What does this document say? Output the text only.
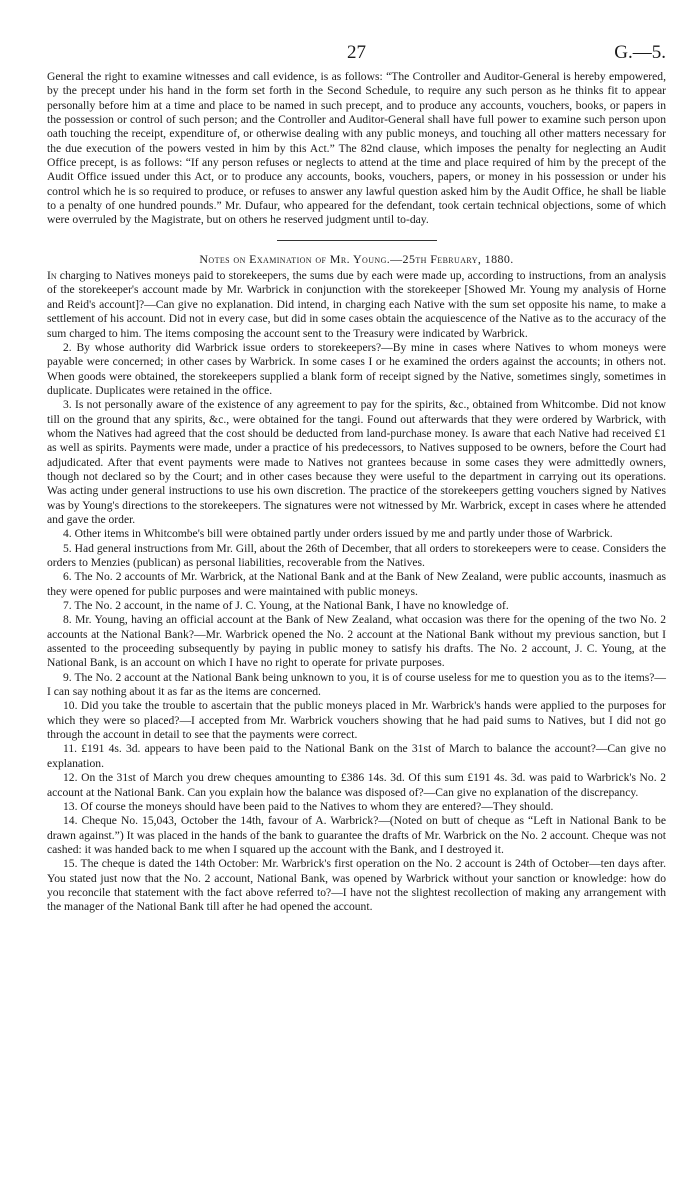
27	G.—5.

General the right to examine witnesses and call evidence, is as follows: “The Controller and Auditor-General is hereby empowered, by the precept under his hand in the form set forth in the Second Schedule, to require any such person as he thinks fit to appear personally before him at a time and place to be named in such precept, and to produce any accounts, vouchers, books, or papers in the possession or control of such person; and the Controller and Auditor-General shall have full power to examine such person upon oath touching the receipt, expenditure of, or otherwise dealing with any public moneys, and touching all other matters necessary for the due execution of the powers vested in him by this Act.” The 82nd clause, which imposes the penalty for neglecting an Audit Office precept, is as follows: “If any person refuses or neglects to attend at the time and place required of him by the precept of the Audit Office issued under this Act, or to produce any accounts, books, vouchers, papers, or money in his possession or under his control which he is so required to produce, or refuses to answer any lawful question asked him by the Audit Office, he shall be liable to a penalty of one hundred pounds.” Mr. Dufaur, who appeared for the defendant, took certain technical objections, some of which were overruled by the Magistrate, but on others he reserved judgment until to-day.

Notes on Examination of Mr. Young.—25th February, 1880.

In charging to Natives moneys paid to storekeepers, the sums due by each were made up, according to instructions, from an analysis of the storekeeper's account made by Mr. Warbrick in conjunction with the storekeeper [Showed Mr. Young my analysis of Horne and Reid's account]?—Can give no explanation. Did intend, in charging each Native with the sum set opposite his name, to make a settlement of his account. Did not in every case, but did in some cases obtain the acquiescence of the Native as to the accuracy of the sum charged to him. The items composing the account sent to the Treasury were indicated by Warbrick.

2. By whose authority did Warbrick issue orders to storekeepers?—By mine in cases where Natives to whom moneys were payable were concerned; in other cases by Warbrick. In some cases I or he examined the orders against the accounts; in others not. When goods were obtained, the storekeepers supplied a blank form of receipt signed by the Native, sometimes singly, sometimes in duplicate. Duplicates were retained in the office.

3. Is not personally aware of the existence of any agreement to pay for the spirits, &c., obtained from Whitcombe. Did not know till on the ground that any spirits, &c., were obtained for the tangi. Found out afterwards that they were ordered by Warbrick, with whom the Natives had agreed that the cost should be deducted from land-purchase money. Is aware that each Native had received £1 as well as spirits. Payments were made, under a practice of his predecessors, to Natives supposed to be owners, before the Court had adjudicated. After that event payments were made to Natives not grantees because in some cases they were admittedly owners, though not declared so by the Court; and in other cases because they were useful to the department in carrying out its operations. Was acting under general instructions to use his own discretion. The practice of the storekeepers getting vouchers signed by Natives was by Young's directions to the storekeepers. The signatures were not witnessed by Mr. Warbrick, except in cases where he attended and gave the order.

4. Other items in Whitcombe's bill were obtained partly under orders issued by me and partly under those of Warbrick.

5. Had general instructions from Mr. Gill, about the 26th of December, that all orders to storekeepers were to cease. Considers the orders to Menzies (publican) as personal liabilities, recoverable from the Natives.

6. The No. 2 accounts of Mr. Warbrick, at the National Bank and at the Bank of New Zealand, were public accounts, inasmuch as they were opened for public purposes and were maintained with public moneys.

7. The No. 2 account, in the name of J. C. Young, at the National Bank, I have no knowledge of.

8. Mr. Young, having an official account at the Bank of New Zealand, what occasion was there for the opening of the two No. 2 accounts at the National Bank?—Mr. Warbrick opened the No. 2 account at the National Bank without my previous sanction, but I assented to the proceeding subsequently by paying in public money to satisfy his drafts. The No. 2 account, J. C. Young, at the National Bank, is an account on which I have no right to operate for private purposes.

9. The No. 2 account at the National Bank being unknown to you, it is of course useless for me to question you as to the items?—I can say nothing about it as far as the items are concerned.

10. Did you take the trouble to ascertain that the public moneys placed in Mr. Warbrick's hands were applied to the purposes for which they were so placed?—I accepted from Mr. Warbrick vouchers showing that he had paid sums to Natives, but I did not go through the account in detail to see that the payments were correct.

11. £191 4s. 3d. appears to have been paid to the National Bank on the 31st of March to balance the account?—Can give no explanation.

12. On the 31st of March you drew cheques amounting to £386 14s. 3d. Of this sum £191 4s. 3d. was paid to Warbrick's No. 2 account at the National Bank. Can you explain how the balance was disposed of?—Can give no explanation of the discrepancy.

13. Of course the moneys should have been paid to the Natives to whom they are entered?—They should.

14. Cheque No. 15,043, October the 14th, favour of A. Warbrick?—(Noted on butt of cheque as “Left in National Bank to be drawn against.”) It was placed in the hands of the bank to guarantee the drafts of Mr. Warbrick on the No. 2 account. Cheque was not cashed: it was handed back to me when I squared up the account with the Bank, and I destroyed it.

15. The cheque is dated the 14th October: Mr. Warbrick's first operation on the No. 2 account is 24th of October—ten days after. You stated just now that the No. 2 account, National Bank, was opened by Warbrick without your sanction or knowledge: how do you reconcile that statement with the fact above referred to?—I have not the slightest recollection of making any arrangement with the manager of the National Bank till after he had opened the account.
